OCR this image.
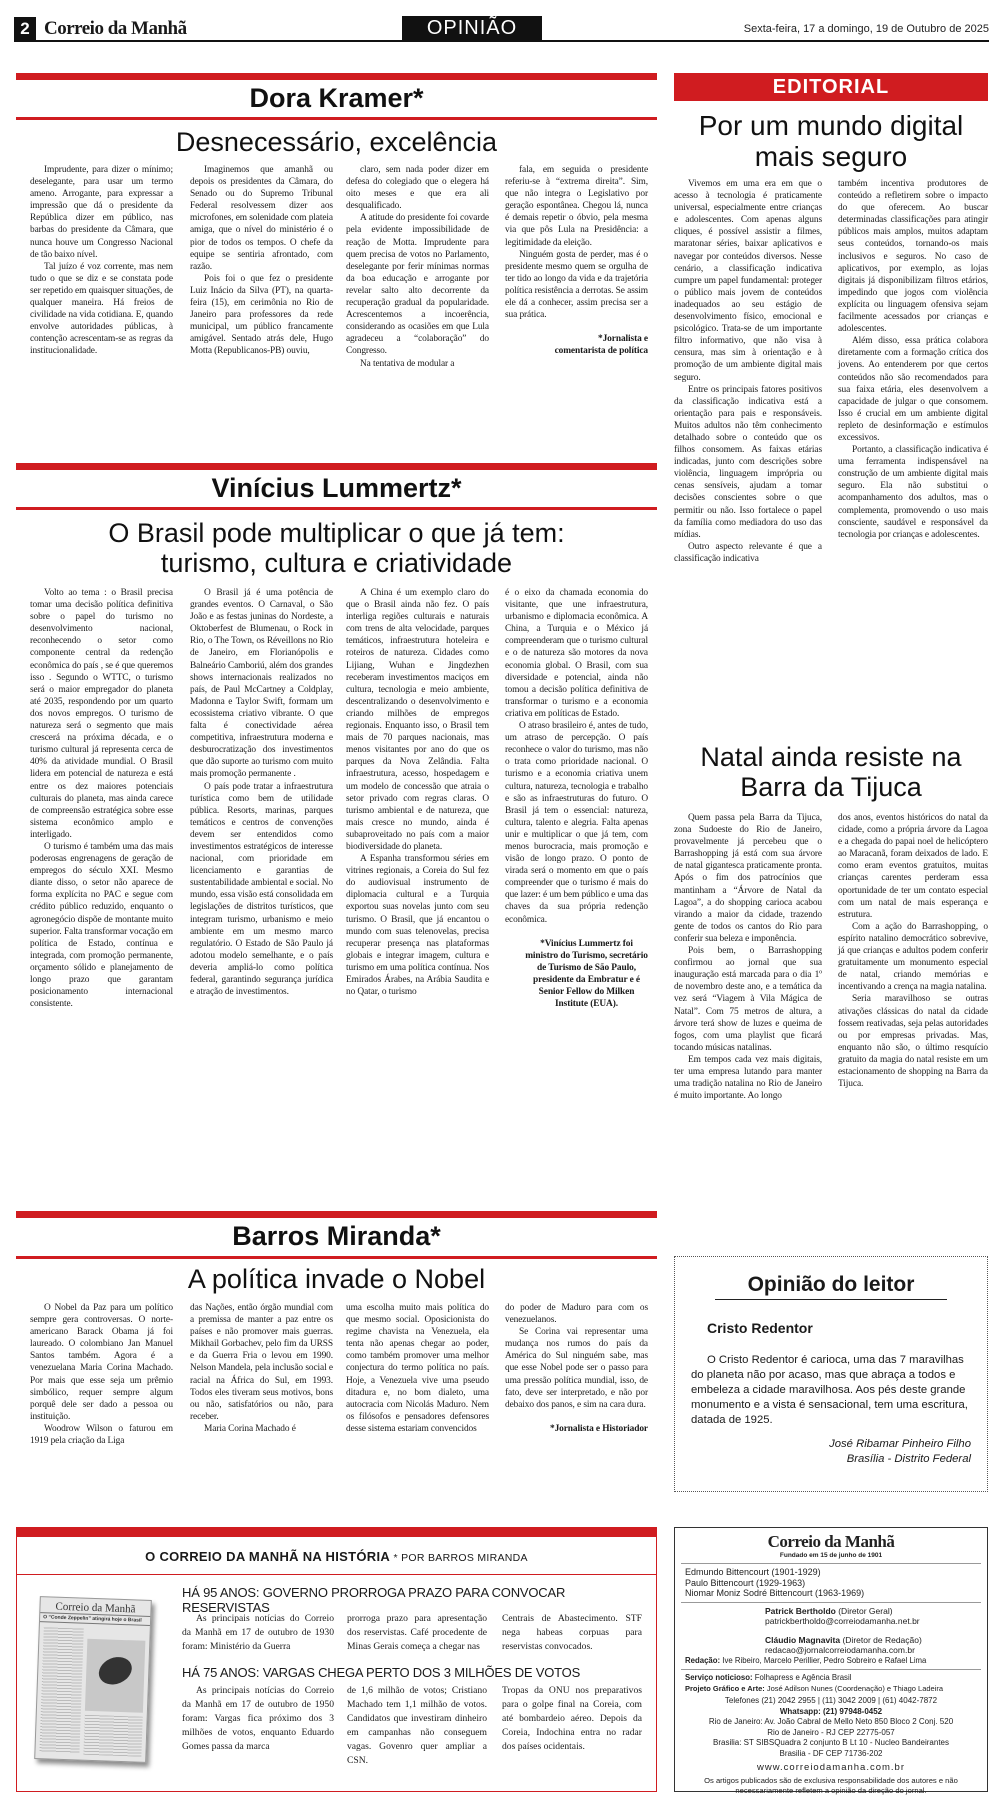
2 Correio da Manhã	OPINIÃO	Sexta-feira, 17 a domingo, 19 de Outubro de 2025
Dora Kramer*
Desnecessário, excelência

Imprudente, para dizer o mínimo; deselegante, para usar um termo ameno. Arrogante, para expressar a impressão que dá o presidente da República dizer em público, nas barbas do presidente da Câmara, que nunca houve um Congresso Nacional de tão baixo nível.

Tal juízo é voz corrente, mas nem tudo o que se diz e se constata pode ser repetido em quaisquer situações, de qualquer maneira. Há freios de civilidade na vida cotidiana. E, quando envolve autoridades públicas, à contenção acrescentam-se as regras da institucionalidade.

Imaginemos que amanhã ou depois os presidentes da Câmara, do Senado ou do Supremo Tribunal Federal resolvessem dizer aos microfones, em solenidade com plateia amiga, que o nível do ministério é o pior de todos os tempos. O chefe da equipe se sentiria afrontado, com razão.

Pois foi o que fez o presidente Luiz Inácio da Silva (PT), na quarta-feira (15), em cerimônia no Rio de Janeiro para professores da rede municipal, um público francamente amigável. Sentado atrás dele, Hugo Motta (Republicanos-PB) ouviu,

claro, sem nada poder dizer em defesa do colegiado que o elegera há oito meses e que era ali desqualificado.

A atitude do presidente foi covarde pela evidente impossibilidade de reação de Motta. Imprudente para quem precisa de votos no Parlamento, deselegante por ferir mínimas normas da boa educação e arrogante por revelar salto alto decorrente da recuperação gradual da popularidade. Acrescentemos a incoerência, considerando as ocasiões em que Lula agradeceu a “colaboração” do Congresso.

Na tentativa de modular a

fala, em seguida o presidente referiu-se à “extrema direita”. Sim, que não integra o Legislativo por geração espontânea. Chegou lá, nunca é demais repetir o óbvio, pela mesma via que pôs Lula na Presidência: a legitimidade da eleição.

Ninguém gosta de perder, mas é o presidente mesmo quem se orgulha de ter tido ao longo da vida e da trajetória política resistência a derrotas. Se assim ele dá a conhecer, assim precisa ser a sua prática.

*Jornalista e comentarista de política
EDITORIAL
Por um mundo digital mais seguro

Vivemos em uma era em que o acesso à tecnologia é praticamente universal, especialmente entre crianças e adolescentes. Com apenas alguns cliques, é possível assistir a filmes, maratonar séries, baixar aplicativos e navegar por conteúdos diversos. Nesse cenário, a classificação indicativa cumpre um papel fundamental: proteger o público mais jovem de conteúdos inadequados ao seu estágio de desenvolvimento físico, emocional e psicológico. Trata-se de um importante filtro informativo, que não visa à censura, mas sim à orientação e à promoção de um ambiente digital mais seguro.

Entre os principais fatores positivos da classificação indicativa está a orientação para pais e responsáveis. Muitos adultos não têm conhecimento detalhado sobre o conteúdo que os filhos consomem. As faixas etárias indicadas, junto com descrições sobre violência, linguagem imprópria ou cenas sensíveis, ajudam a tomar decisões conscientes sobre o que permitir ou não. Isso fortalece o papel da família como mediadora do uso das mídias.

Outro aspecto relevante é que a classificação indicativa

também incentiva produtores de conteúdo a refletirem sobre o impacto do que oferecem. Ao buscar determinadas classificações para atingir públicos mais amplos, muitos adaptam seus conteúdos, tornando-os mais inclusivos e seguros. No caso de aplicativos, por exemplo, as lojas digitais já disponibilizam filtros etários, impedindo que jogos com violência explícita ou linguagem ofensiva sejam facilmente acessados por crianças e adolescentes.

Além disso, essa prática colabora diretamente com a formação crítica dos jovens. Ao entenderem por que certos conteúdos não são recomendados para sua faixa etária, eles desenvolvem a capacidade de julgar o que consomem. Isso é crucial em um ambiente digital repleto de desinformação e estímulos excessivos.

Portanto, a classificação indicativa é uma ferramenta indispensável na construção de um ambiente digital mais seguro. Ela não substitui o acompanhamento dos adultos, mas o complementa, promovendo o uso mais consciente, saudável e responsável da tecnologia por crianças e adolescentes.

Natal ainda resiste na Barra da Tijuca

Quem passa pela Barra da Tijuca, zona Sudoeste do Rio de Janeiro, provavelmente já percebeu que o Barrashopping já está com sua árvore de natal gigantesca praticamente pronta. Após o fim dos patrocínios que mantinham a “Árvore de Natal da Lagoa”, a do shopping carioca acabou virando a maior da cidade, trazendo gente de todos os cantos do Rio para conferir sua beleza e imponência.

Pois bem, o Barrashopping confirmou ao jornal que sua inauguração está marcada para o dia 1º de novembro deste ano, e a temática da vez será “Viagem à Vila Mágica de Natal”. Com 75 metros de altura, a árvore terá show de luzes e queima de fogos, com uma playlist que ficará tocando músicas natalinas.

Em tempos cada vez mais digitais, ter uma empresa lutando para manter uma tradição natalina no Rio de Janeiro é muito importante. Ao longo

dos anos, eventos históricos do natal da cidade, como a própria árvore da Lagoa e a chegada do papai noel de helicóptero ao Maracanã, foram deixados de lado. E como eram eventos gratuitos, muitas crianças carentes perderam essa oportunidade de ter um contato especial com um natal de mais esperança e estrutura.

Com a ação do Barrashopping, o espírito natalino democrático sobrevive, já que crianças e adultos podem conferir gratuitamente um monumento especial de natal, criando memórias e incentivando a crença na magia natalina.

Seria maravilhoso se outras ativações clássicas do natal da cidade fossem reativadas, seja pelas autoridades ou por empresas privadas. Mas, enquanto não são, o último resquício gratuito da magia do natal resiste em um estacionamento de shopping na Barra da Tijuca.

Vinícius Lummertz*
O Brasil pode multiplicar o que já tem:
turismo, cultura e criatividade

Volto ao tema : o Brasil precisa tomar uma decisão política definitiva sobre o papel do turismo no desenvolvimento nacional, reconhecendo o setor como componente central da redenção econômica do país , se é que queremos isso . Segundo o WTTC, o turismo será o maior empregador do planeta até 2035, respondendo por um quarto dos novos empregos. O turismo de natureza será o segmento que mais crescerá na próxima década, e o turismo cultural já representa cerca de 40% da atividade mundial. O Brasil lidera em potencial de natureza e está entre os dez maiores potenciais culturais do planeta, mas ainda carece de compreensão estratégica sobre esse sistema econômico amplo e interligado.

O turismo é também uma das mais poderosas engrenagens de geração de empregos do século XXI. Mesmo diante disso, o setor não aparece de forma explícita no PAC e segue com crédito público reduzido, enquanto o agronegócio dispõe de montante muito superior. Falta transformar vocação em política de Estado, contínua e integrada, com promoção permanente, orçamento sólido e planejamento de longo prazo que garantam posicionamento internacional consistente.

O Brasil já é uma potência de grandes eventos. O Carnaval, o São João e as festas juninas do Nordeste, a Oktoberfest de Blumenau, o Rock in Rio, o The Town, os Réveillons no Rio de Janeiro, em Florianópolis e Balneário Camboriú, além dos grandes shows internacionais realizados no país, de Paul McCartney a Coldplay, Madonna e Taylor Swift, formam um ecossistema criativo vibrante. O que falta é conectividade aérea competitiva, infraestrutura moderna e desburocratização dos investimentos que dão suporte ao turismo com muito mais promoção permanente .

O país pode tratar a infraestrutura turística como bem de utilidade pública. Resorts, marinas, parques temáticos e centros de convenções devem ser entendidos como investimentos estratégicos de interesse nacional, com prioridade em licenciamento e garantias de sustentabilidade ambiental e social. No mundo, essa visão está consolidada em legislações de distritos turísticos, que integram turismo, urbanismo e meio ambiente em um mesmo marco regulatório. O Estado de São Paulo já adotou modelo semelhante, e o país deveria ampliá-lo como política federal, garantindo segurança jurídica e atração de investimentos.

A China é um exemplo claro do que o Brasil ainda não fez. O país interliga regiões culturais e naturais com trens de alta velocidade, parques temáticos, infraestrutura hoteleira e roteiros de natureza. Cidades como Lijiang, Wuhan e Jingdezhen receberam investimentos maciços em cultura, tecnologia e meio ambiente, descentralizando o desenvolvimento e criando milhões de empregos regionais. Enquanto isso, o Brasil tem mais de 70 parques nacionais, mas menos visitantes por ano do que os parques da Nova Zelândia. Falta infraestrutura, acesso, hospedagem e um modelo de concessão que atraia o setor privado com regras claras. O turismo ambiental e de natureza, que mais cresce no mundo, ainda é subaproveitado no país com a maior biodiversidade do planeta.

A Espanha transformou séries em vitrines regionais, a Coreia do Sul fez do audiovisual instrumento de diplomacia cultural e a Turquia exportou suas novelas junto com seu turismo. O Brasil, que já encantou o mundo com suas telenovelas, precisa recuperar presença nas plataformas globais e integrar imagem, cultura e turismo em uma política contínua. Nos Emirados Árabes, na Arábia Saudita e no Qatar, o turismo

é o eixo da chamada economia do visitante, que une infraestrutura, urbanismo e diplomacia econômica. A China, a Turquia e o México já compreenderam que o turismo cultural e o de natureza são motores da nova economia global. O Brasil, com sua diversidade e potencial, ainda não tomou a decisão política definitiva de transformar o turismo e a economia criativa em políticas de Estado.

O atraso brasileiro é, antes de tudo, um atraso de percepção. O país reconhece o valor do turismo, mas não o trata como prioridade nacional. O turismo e a economia criativa unem cultura, natureza, tecnologia e trabalho e são as infraestruturas do futuro. O Brasil já tem o essencial: natureza, cultura, talento e alegria. Falta apenas unir e multiplicar o que já tem, com menos burocracia, mais promoção e visão de longo prazo. O ponto de virada será o momento em que o país compreender que o turismo é mais do que lazer: é um bem público e uma das chaves da sua própria redenção econômica.

*Vinícius Lummertz foi ministro do Turismo, secretário de Turismo de São Paulo, presidente da Embratur e é Senior Fellow do Milken Institute (EUA).
Barros Miranda*
A política invade o Nobel

O Nobel da Paz para um político sempre gera controversas. O norte-americano Barack Obama já foi laureado. O colombiano Jan Manuel Santos também. Agora é a venezuelana Maria Corina Machado. Por mais que esse seja um prêmio simbólico, requer sempre algum porquê dele ser dado a pessoa ou instituição.

Woodrow Wilson o faturou em 1919 pela criação da Liga

das Nações, então órgão mundial com a premissa de manter a paz entre os países e não promover mais guerras. Mikhail Gorbachev, pelo fim da URSS e da Guerra Fria o levou em 1990. Nelson Mandela, pela inclusão social e racial na África do Sul, em 1993. Todos eles tiveram seus motivos, bons ou não, satisfatórios ou não, para receber.

Maria Corina Machado é

uma escolha muito mais política do que mesmo social. Oposicionista do regime chavista na Venezuela, ela tenta não apenas chegar ao poder, como também promover uma melhor conjectura do termo política no país. Hoje, a Venezuela vive uma pseudo ditadura e, no bom dialeto, uma autocracia com Nicolás Maduro. Nem os filósofos e pensadores defensores desse sistema estariam convencidos

do poder de Maduro para com os venezuelanos.

Se Corina vai representar uma mudança nos rumos do país da América do Sul ninguém sabe, mas que esse Nobel pode ser o passo para uma pressão política mundial, isso, de fato, deve ser interpretado, e não por debaixo dos panos, e sim na cara dura.

*Jornalista e Historiador
Opinião do leitor
Cristo Redentor
O Cristo Redentor é carioca, uma das 7 maravilhas do planeta não por acaso, mas que abraça a todos e embeleza a cidade maravilhosa. Aos pés deste grande monumento e a vista é sensacional, tem uma escritura, datada de 1925.
José Ribamar Pinheiro Filho
Brasília - Distrito Federal
O CORREIO DA MANHÃ NA HISTÓRIA * POR BARROS MIRANDA
Correio da Manhã
O “Conde Zeppelin” atingirá hoje o Brasil
HÁ 95 ANOS: GOVERNO PRORROGA PRAZO PARA CONVOCAR RESERVISTAS

As principais notícias do Correio da Manhã em 17 de outubro de 1930 foram: Ministério da Guerra

prorroga prazo para apresentação dos reservistas. Café procedente de Minas Gerais começa a chegar nas

Centrais de Abastecimento. STF nega habeas corpuas para reservistas convocados.

HÁ 75 ANOS: VARGAS CHEGA PERTO DOS 3 MILHÕES DE VOTOS

As principais notícias do Correio da Manhã em 17 de outubro de 1950 foram: Vargas fica próximo dos 3 milhões de votos, enquanto Eduardo Gomes passa da marca

de 1,6 milhão de votos; Cristiano Machado tem 1,1 milhão de votos. Candidatos que investiram dinheiro em campanhas não conseguem vagas. Govenro quer ampliar a CSN.

Tropas da ONU nos preparativos para o golpe final na Coreia, com até bombardeio aéreo. Depois da Coreia, Indochina entra no radar dos países ocidentais.

Correio da Manhã
Fundado em 15 de junho de 1901
Edmundo Bittencourt (1901-1929)
Paulo Bittencourt (1929-1963)
Niomar Moniz Sodré Bittencourt (1963-1969)
Patrick Bertholdo (Diretor Geral)
patrickbertholdo@correiodamanha.net.br
Cláudio Magnavita (Diretor de Redação)
redacao@jornalcorreiodamanha.com.br
Redação: Ive Ribeiro, Marcelo Perillier, Pedro Sobreiro e Rafael Lima
Serviço noticioso: Folhapress e Agência Brasil
Projeto Gráfico e Arte: José Adilson Nunes (Coordenação) e Thiago Ladeira
Telefones (21) 2042 2955 | (11) 3042 2009 | (61) 4042-7872
Whatsapp: (21) 97948-0452
Rio de Janeiro: Av. João Cabral de Mello Neto 850 Bloco 2 Conj. 520
Rio de Janeiro - RJ CEP 22775-057
Brasilia: ST SIBSQuadra 2 conjunto B Lt 10 - Nucleo Bandeirantes
Brasilia - DF CEP 71736-202
www.correiodamanha.com.br
Os artigos publicados são de exclusiva responsabilidade dos autores e não necessariamente refletem a opinião da direção do jornal.
